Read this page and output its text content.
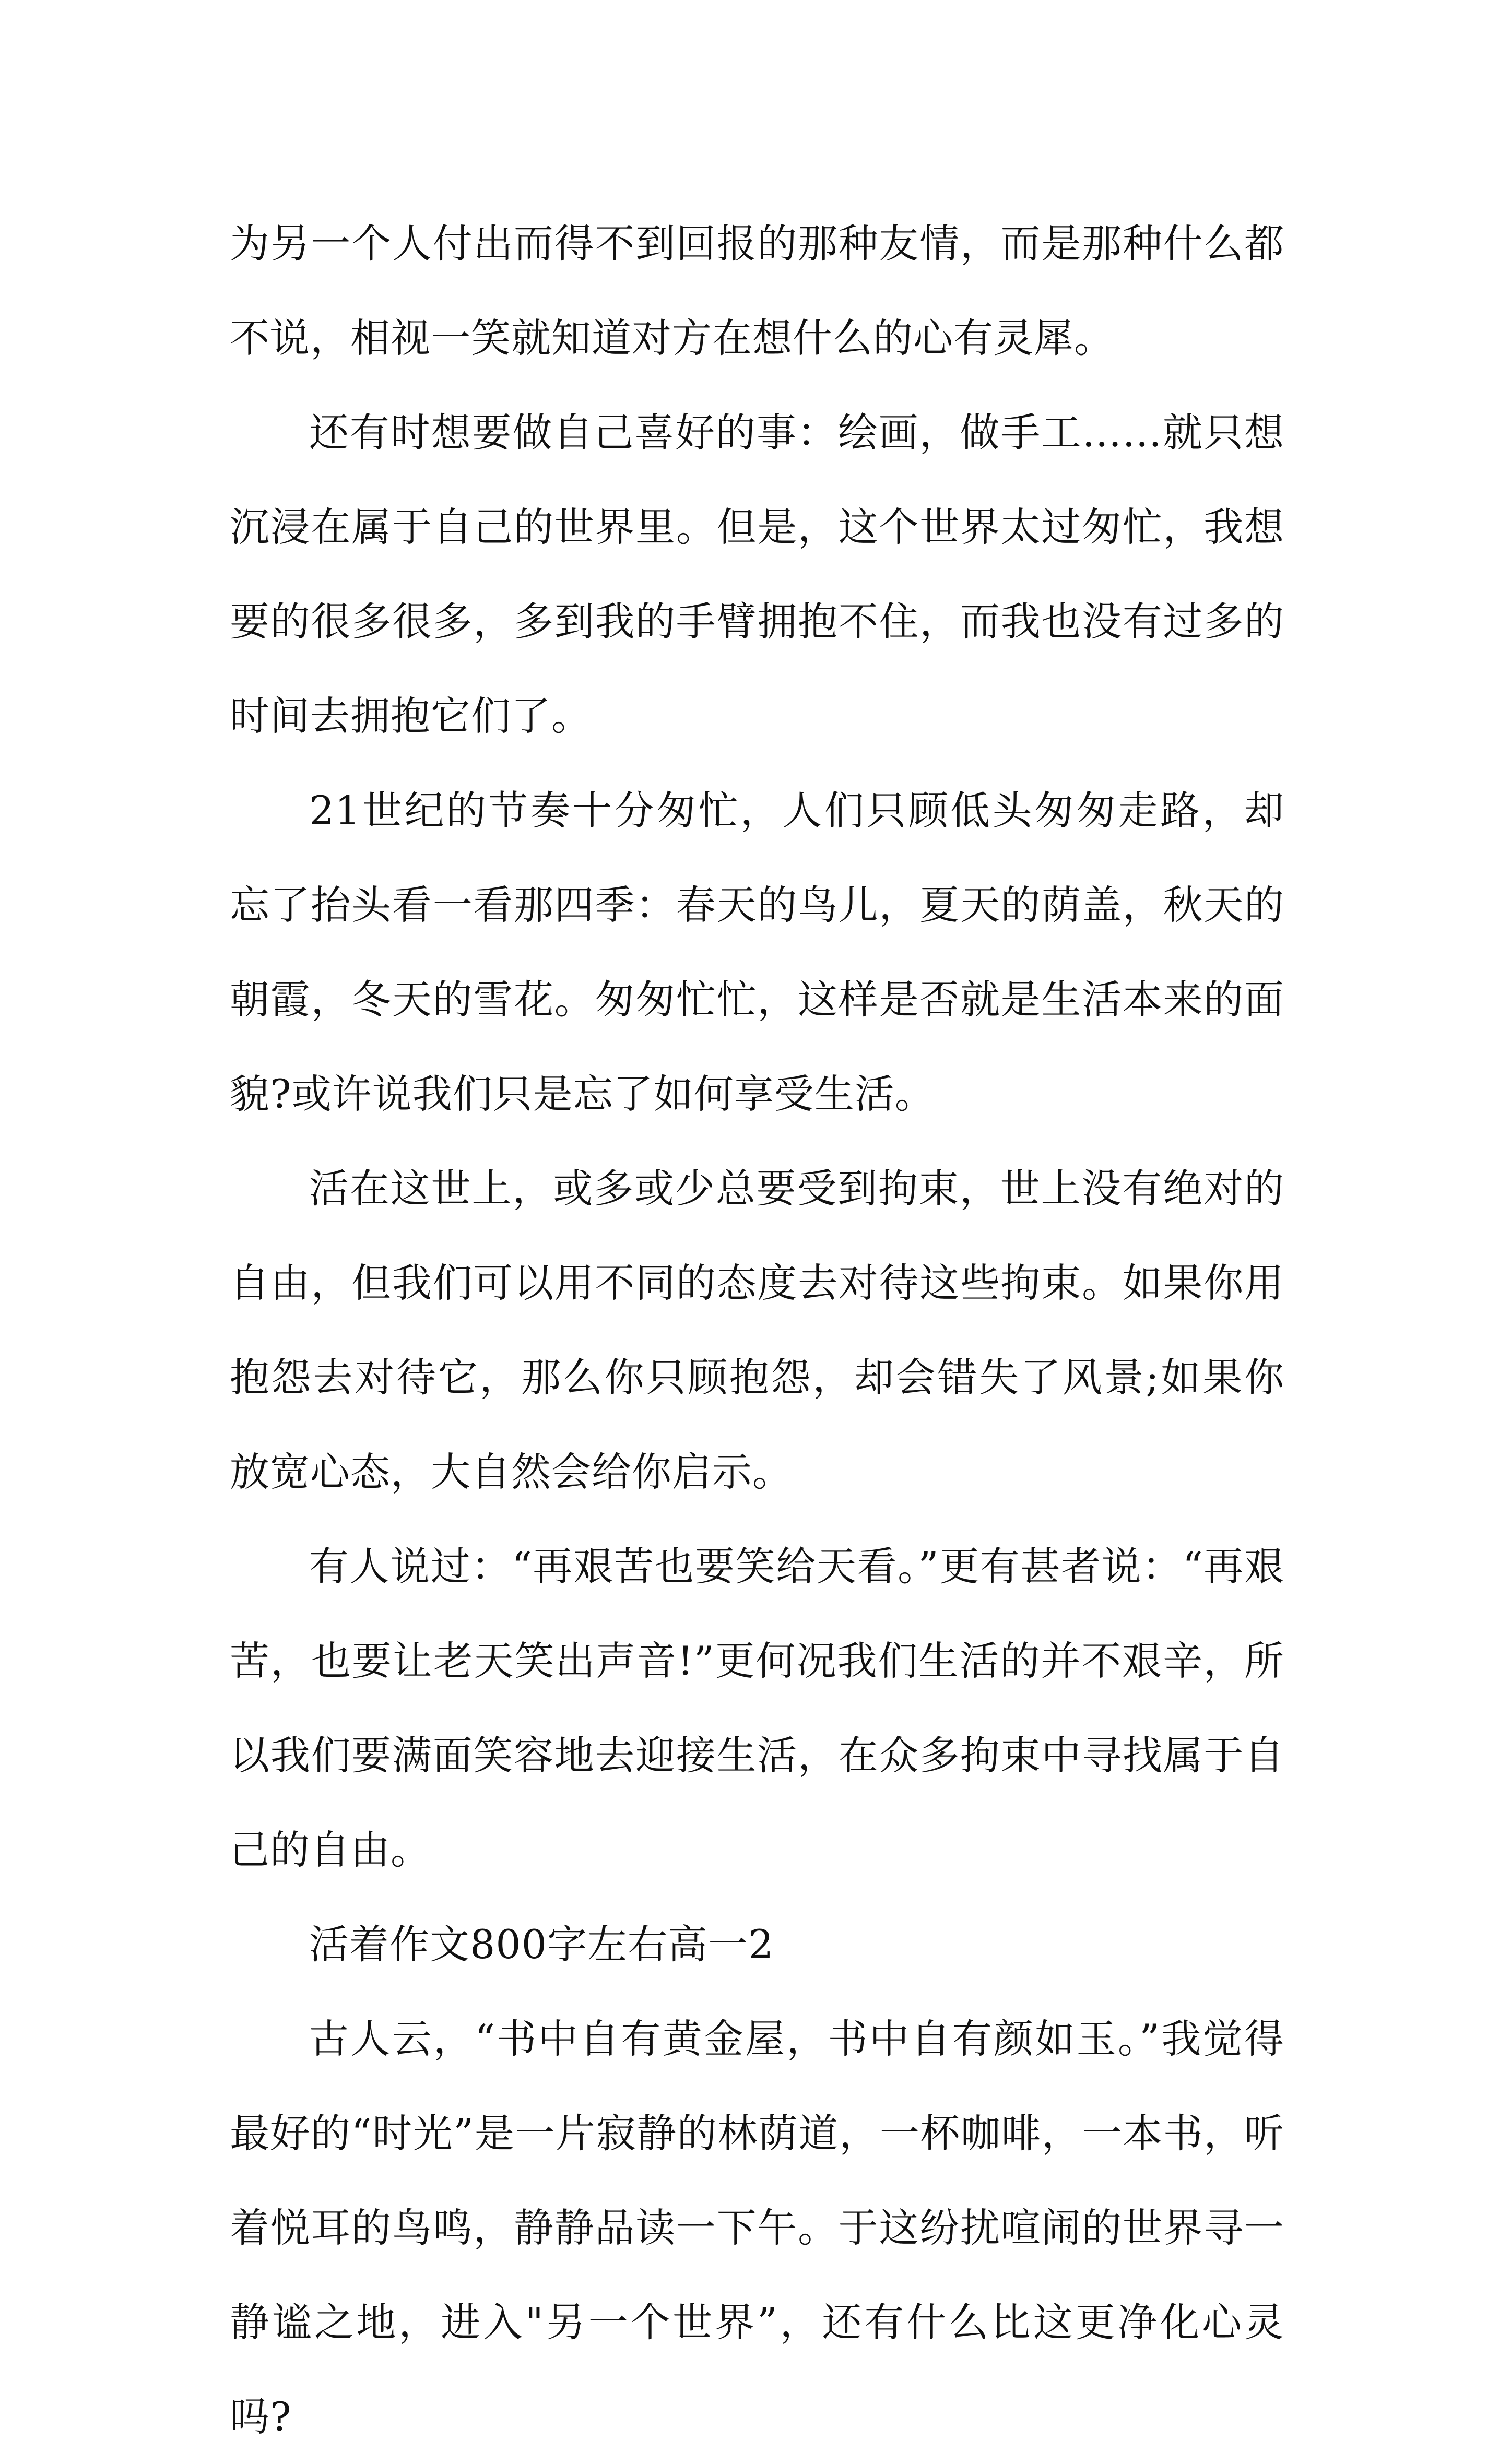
为另一个人付出而得不到回报的那种友情，而是那种什么都不说，相视一笑就知道对方在想什么的心有灵犀。

还有时想要做自己喜好的事：绘画，做手工……就只想沉浸在属于自己的世界里。但是，这个世界太过匆忙，我想要的很多很多，多到我的手臂拥抱不住，而我也没有过多的时间去拥抱它们了。

21世纪的节奏十分匆忙，人们只顾低头匆匆走路，却忘了抬头看一看那四季：春天的鸟儿，夏天的荫盖，秋天的朝霞，冬天的雪花。匆匆忙忙，这样是否就是生活本来的面貌?或许说我们只是忘了如何享受生活。

活在这世上，或多或少总要受到拘束，世上没有绝对的自由，但我们可以用不同的态度去对待这些拘束。如果你用抱怨去对待它，那么你只顾抱怨，却会错失了风景;如果你放宽心态，大自然会给你启示。

有人说过：“再艰苦也要笑给天看。”更有甚者说：“再艰苦，也要让老天笑出声音!”更何况我们生活的并不艰辛，所以我们要满面笑容地去迎接生活，在众多拘束中寻找属于自己的自由。

活着作文800字左右高一2

古人云，“书中自有黄金屋，书中自有颜如玉。”我觉得最好的“时光”是一片寂静的林荫道，一杯咖啡，一本书，听着悦耳的鸟鸣，静静品读一下午。于这纷扰喧闹的世界寻一静谧之地，进入"另一个世界”，还有什么比这更净化心灵吗?
